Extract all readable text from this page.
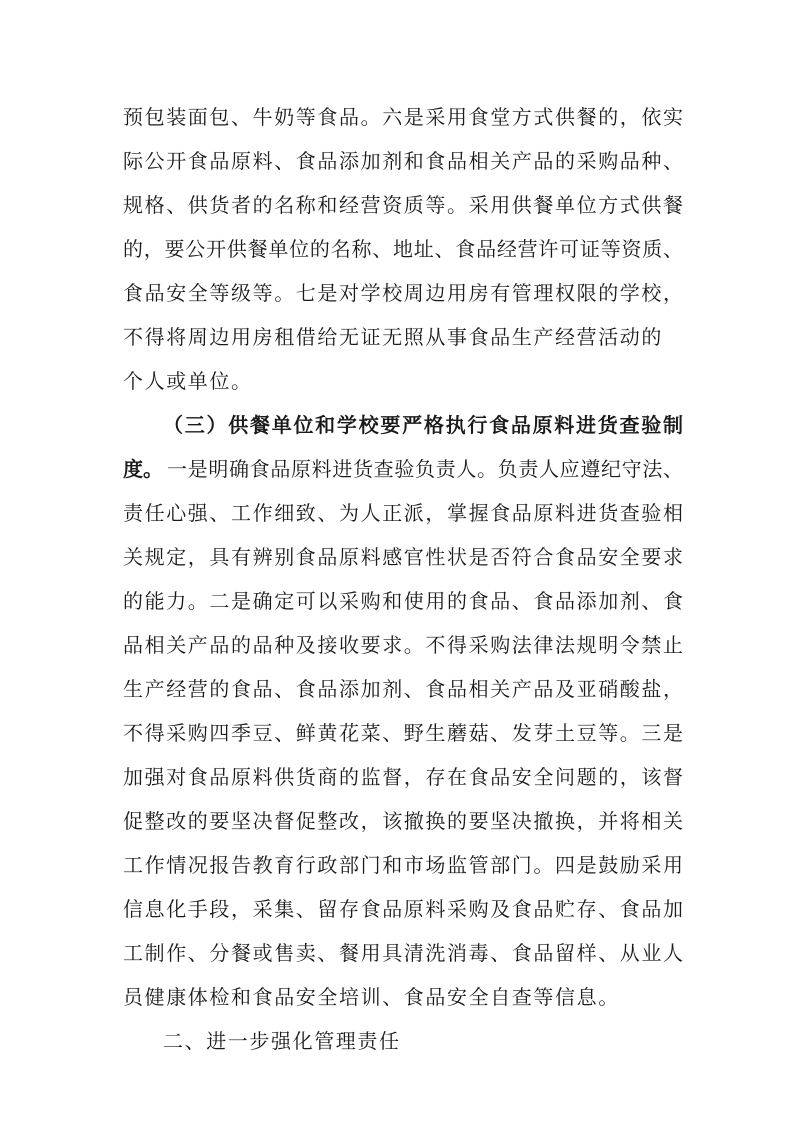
预包装面包、牛奶等食品。六是采用食堂方式供餐的，依实
际公开食品原料、食品添加剂和食品相关产品的采购品种、
规格、供货者的名称和经营资质等。采用供餐单位方式供餐
的，要公开供餐单位的名称、地址、食品经营许可证等资质、
食品安全等级等。七是对学校周边用房有管理权限的学校，
不得将周边用房租借给无证无照从事食品生产经营活动的
个人或单位。
（三）供餐单位和学校要严格执行食品原料进货查验制
度。 一是明确食品原料进货查验负责人。负责人应遵纪守法、
责任心强、工作细致、为人正派，掌握食品原料进货查验相
关规定，具有辨别食品原料感官性状是否符合食品安全要求
的能力。二是确定可以采购和使用的食品、食品添加剂、食
品相关产品的品种及接收要求。不得采购法律法规明令禁止
生产经营的食品、食品添加剂、食品相关产品及亚硝酸盐，
不得采购四季豆、鲜黄花菜、野生蘑菇、发芽土豆等。三是
加强对食品原料供货商的监督，存在食品安全问题的，该督
促整改的要坚决督促整改，该撤换的要坚决撤换，并将相关
工作情况报告教育行政部门和市场监管部门。四是鼓励采用
信息化手段，采集、留存食品原料采购及食品贮存、食品加
工制作、分餐或售卖、餐用具清洗消毒、食品留样、从业人
员健康体检和食品安全培训、食品安全自查等信息。
二、进一步强化管理责任
